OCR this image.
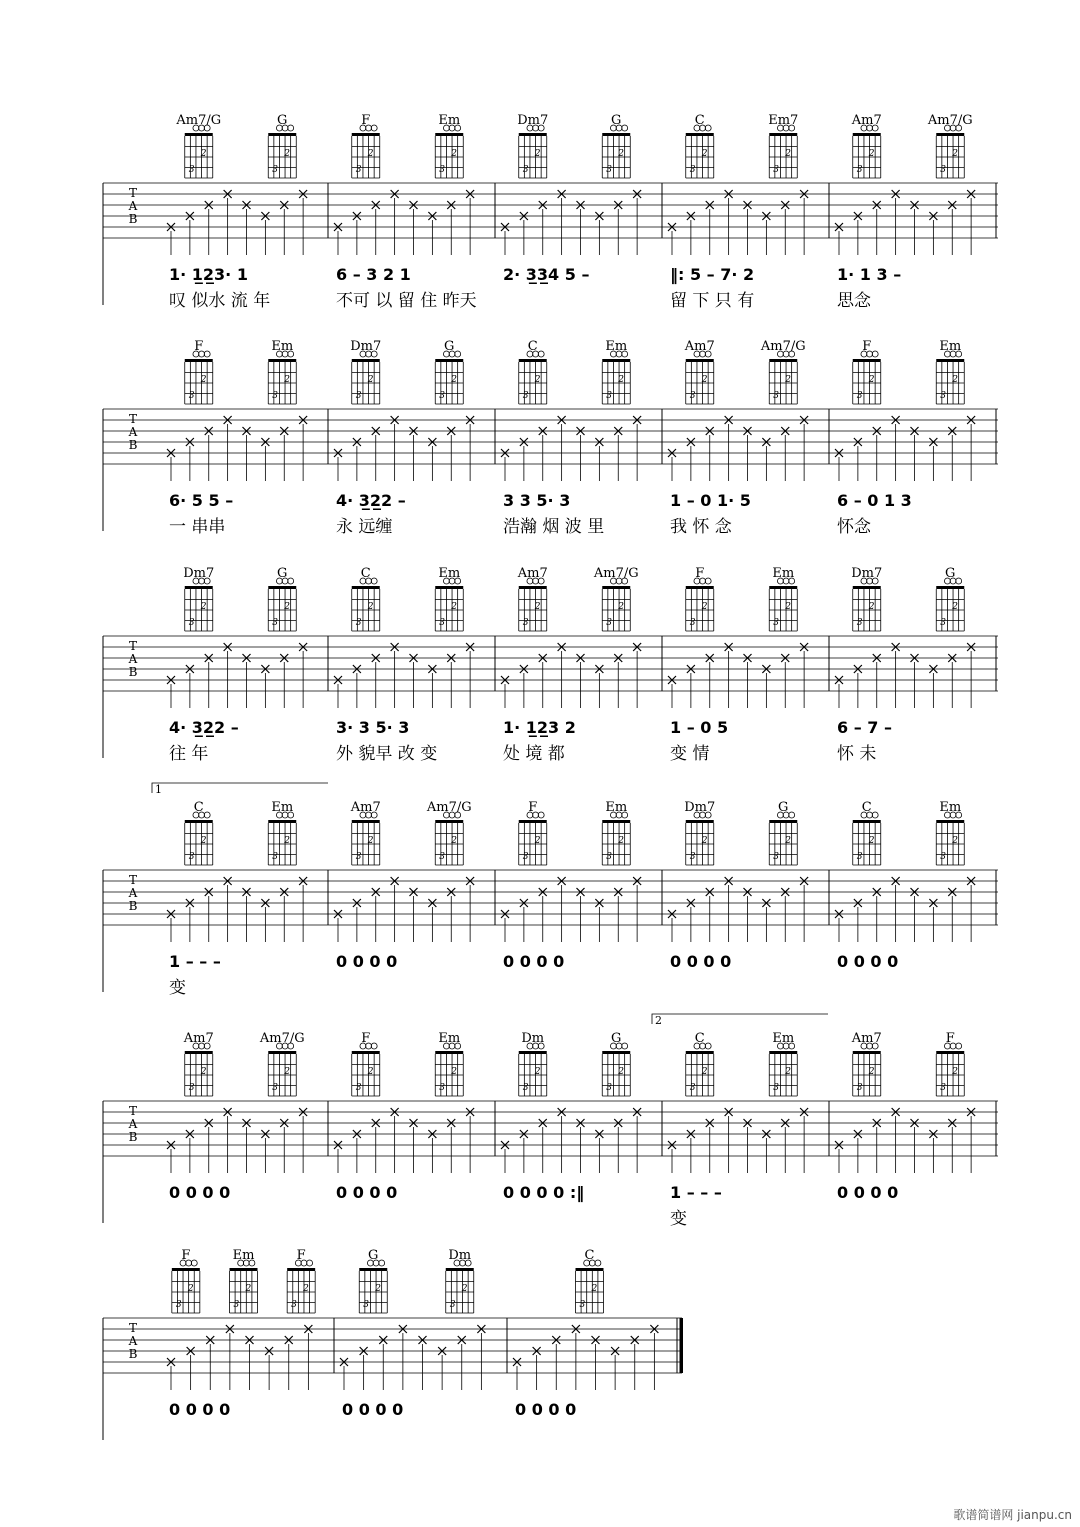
T
A
B
Am7/G
2
3
G
2
3
1· 1̲2̲3· 1
叹 似水 流 年
F
2
3
Em
2
3
6 – 3 2 1
不可 以 留 住 昨天
Dm7
2
3
G
2
3
2· 3̲3̲4 5 –
C
2
3
Em7
2
3
‖: 5 – 7· 2
留 下 只 有
Am7
2
3
Am7/G
2
3
1· 1 3 –
思念
T
A
B
F
2
3
Em
2
3
6· 5 5 –
一 串串
Dm7
2
3
G
2
3
4· 3̲2̲2 –
永 远缠
C
2
3
Em
2
3
3 3 5· 3
浩瀚 烟 波 里
Am7
2
3
Am7/G
2
3
1 – 0 1· 5
我 怀 念
F
2
3
Em
2
3
6 – 0 1 3
怀念
T
A
B
Dm7
2
3
G
2
3
4· 3̲2̲2 –
往 年
C
2
3
Em
2
3
3· 3 5· 3
外 貌早 改 变
Am7
2
3
Am7/G
2
3
1· 1̲2̲3 2
处 境 都
F
2
3
Em
2
3
1 – 0 5
变 情
Dm7
2
3
G
2
3
6 – 7 –
怀 未
1
T
A
B
C
2
3
Em
2
3
1 – – –
变
Am7
2
3
Am7/G
2
3
0 0 0 0
F
2
3
Em
2
3
0 0 0 0
Dm7
2
3
G
2
3
0 0 0 0
C
2
3
Em
2
3
0 0 0 0
2
T
A
B
Am7
2
3
Am7/G
2
3
0 0 0 0
F
2
3
Em
2
3
0 0 0 0
Dm
2
3
G
2
3
0 0 0 0 :‖
C
2
3
Em
2
3
1 – – –
变
Am7
2
3
F
2
3
0 0 0 0
T
A
B
F
2
3
Em
2
3
F
2
3
0 0 0 0
G
2
3
Dm
2
3
0 0 0 0
C
2
3
0 0 0 0
歌谱简谱网 jianpu.cn
